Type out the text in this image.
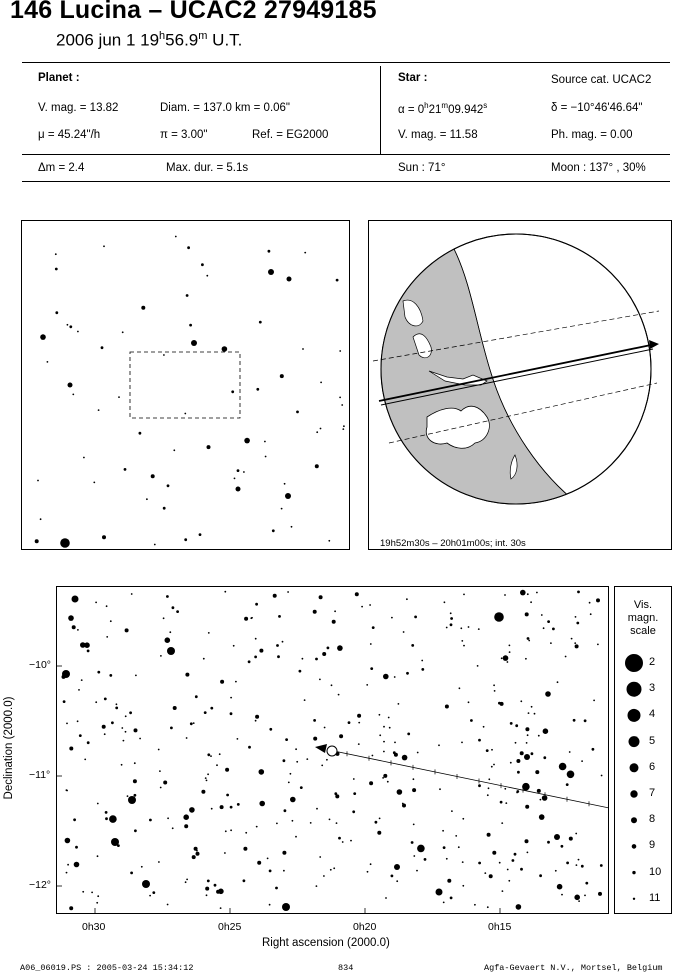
146 Lucina – UCAC2 27949185
2006 jun 1 19$^h$56.9$^m$ U.T.
Planet :
V. mag. = 13.82	Diam. = 137.0 km = 0.06"
μ = 45.24"/h	π = 3.00"	Ref. = EG2000
Star :	Source cat. UCAC2
$\alpha = 0^h21^m09.942^s$	δ = −10°46'46.64"
V. mag. = 11.58	Ph. mag. = 0.00
Δm = 2.4	Max. dur. = 5.1s	Sun : 71°	Moon : 137° , 30%
19h52m30s – 20h01m00s; int. 30s
−10°
−11°
−12°
0h30	0h25	0h20	0h15
Right ascension (2000.0)
Declination (2000.0)
Vis.
magn.
scale
2
3
4
5
6
7
8
9
10
11
A06_06019.PS : 2005-03-24 15:34:12	834	Agfa-Gevaert N.V., Mortsel, Belgium
